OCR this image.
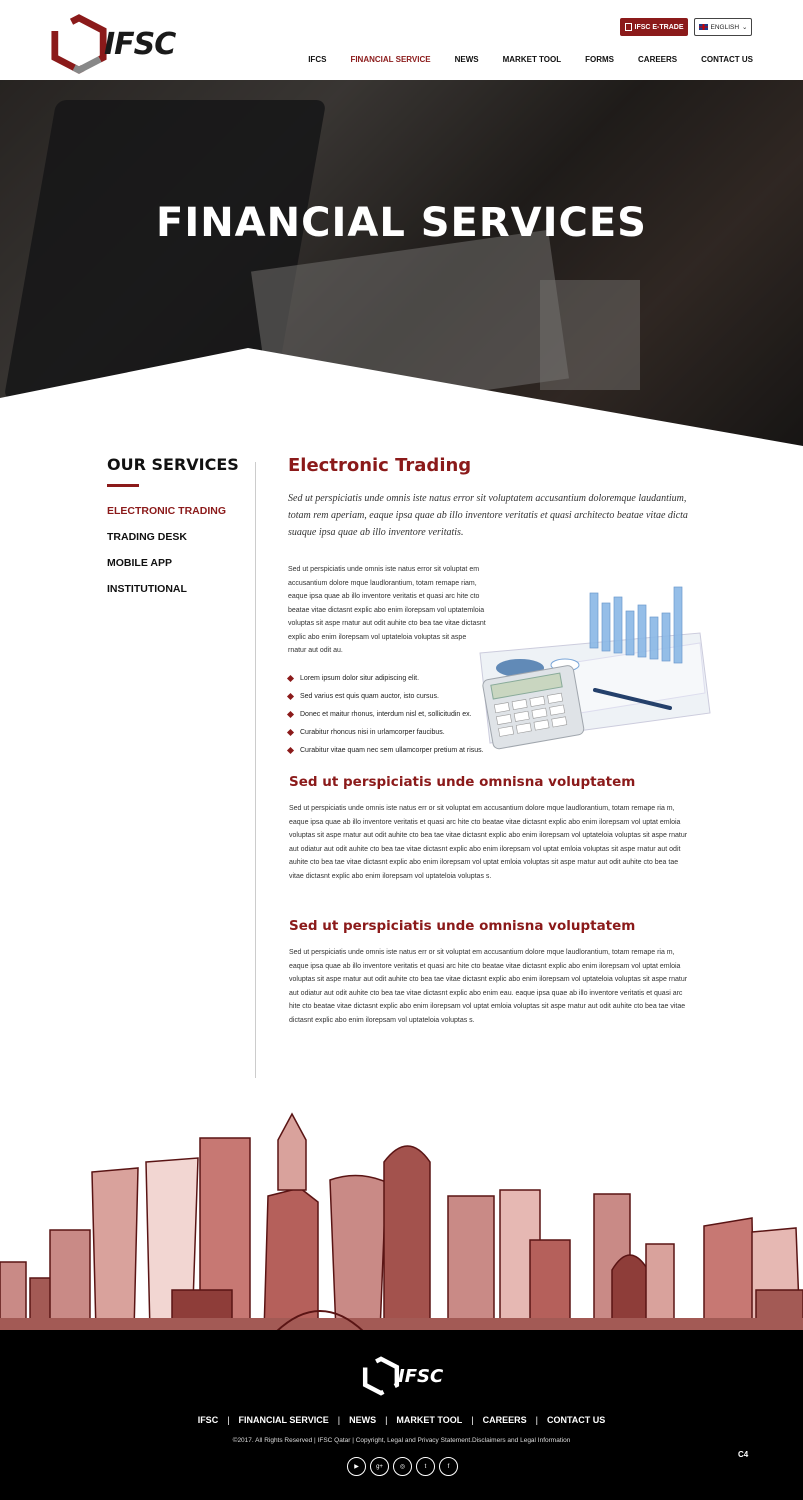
IFSC	IFSC E-TRADE	ENGLISH ⌄
IFCS	FINANCIAL SERVICE	NEWS	MARKET TOOL	FORMS	CAREERS	CONTACT US
FINANCIAL SERVICES
OUR SERVICES
ELECTRONIC TRADING
TRADING DESK
MOBILE APP
INSTITUTIONAL
Electronic Trading

Sed ut perspiciatis unde omnis iste natus error sit voluptatem accusantium doloremque laudantium, totam rem aperiam, eaque ipsa quae ab illo inventore veritatis et quasi architecto beatae vitae dicta suaque ipsa quae ab illo inventore veritatis.

Sed ut perspiciatis unde omnis iste natus error sit voluptat em accusantium dolore mque laudlorantium, totam remape riam, eaque ipsa quae ab illo inventore veritatis et quasi arc hite cto beatae vitae dictasnt explic abo enim ilorepsam vol uptatemloia voluptas sit aspe rnatur aut odit auhite cto bea tae vitae dictasnt explic abo enim ilorepsam vol uptateloia voluptas sit aspe rnatur aut odit au.

Lorem ipsum dolor situr adipiscing elit.
Sed varius est quis quam auctor, isto cursus.
Donec et maitur rhonus, interdum nisl et, sollicitudin ex.
Curabitur rhoncus nisi in urlamcorper faucibus.
Curabitur vitae quam nec sem ullamcorper pretium at risus.
Sed ut perspiciatis unde omnisna voluptatem

Sed ut perspiciatis unde omnis iste natus err or sit voluptat em accusantium dolore mque laudlorantium, totam remape ria m, eaque ipsa quae ab illo inventore veritatis et quasi arc hite cto beatae vitae dictasnt explic abo enim ilorepsam vol uptat emloia voluptas sit aspe rnatur aut odit auhite cto bea tae vitae dictasnt explic abo enim ilorepsam vol uptateloia voluptas sit aspe rnatur aut odiatur aut odit auhite cto bea tae vitae dictasnt explic abo enim ilorepsam vol uptat emloia voluptas sit aspe rnatur aut odit auhite cto bea tae vitae dictasnt explic abo enim ilorepsam vol uptat emloia voluptas sit aspe rnatur aut odit auhite cto bea tae vitae dictasnt explic abo enim ilorepsam vol uptateloia voluptas s.

Sed ut perspiciatis unde omnisna voluptatem

Sed ut perspiciatis unde omnis iste natus err or sit voluptat em accusantium dolore mque laudlorantium, totam remape ria m, eaque ipsa quae ab illo inventore veritatis et quasi arc hite cto beatae vitae dictasnt explic abo enim ilorepsam vol uptat emloia voluptas sit aspe rnatur aut odit auhite cto bea tae vitae dictasnt explic abo enim ilorepsam vol uptateloia voluptas sit aspe rnatur aut odiatur aut odit auhite cto bea tae vitae dictasnt explic abo enim eau. eaque ipsa quae ab illo inventore veritatis et quasi arc hite cto beatae vitae dictasnt explic abo enim ilorepsam vol uptat emloia voluptas sit aspe rnatur aut odit auhite cto bea tae vitae dictasnt explic abo enim ilorepsam vol uptateloia voluptas s.

IFSC
IFSC | FINANCIAL SERVICE | NEWS | MARKET TOOL | CAREERS | CONTACT US
©2017. All Rights Reserved | IFSC Qatar | Copyright, Legal and Privacy Statement.Disclaimers and Legal Information
▶	g+	◎	t	f
C4
